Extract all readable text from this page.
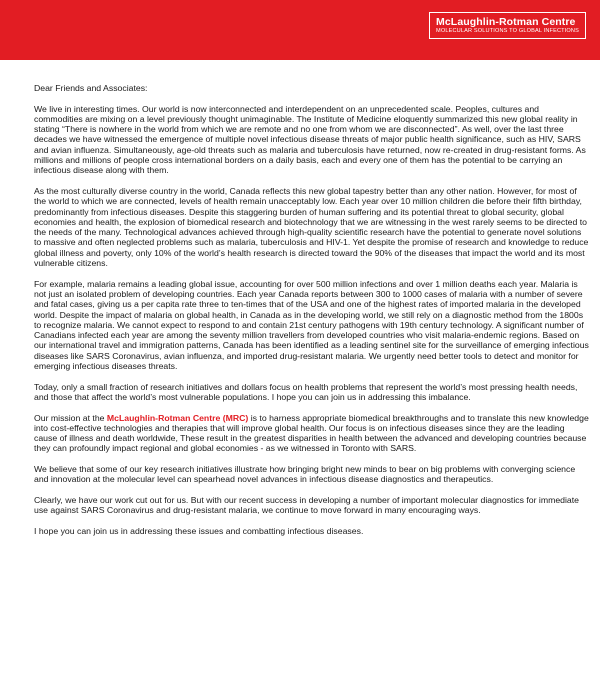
McLaughlin-Rotman Centre
MOLECULAR SOLUTIONS TO GLOBAL INFECTIONS

Dear Friends and Associates:

We live in interesting times. Our world is now interconnected and interdependent on an unprecedented scale. Peoples, cultures and commodities are mixing on a level previously thought unimaginable. The Institute of Medicine eloquently summarized this new global reality in stating “There is nowhere in the world from which we are remote and no one from whom we are disconnected”. As well, over the last three decades we have witnessed the emergence of multiple novel infectious disease threats of major public health significance, such as HIV, SARS and avian influenza. Simultaneously, age-old threats such as malaria and tuberculosis have returned, now re-created in drug-resistant forms. As millions and millions of people cross international borders on a daily basis, each and every one of them has the potential to be carrying an infectious disease along with them.

As the most culturally diverse country in the world, Canada reflects this new global tapestry better than any other nation. However, for most of the world to which we are connected, levels of health remain unacceptably low. Each year over 10 million children die before their fifth birthday, predominantly from infectious diseases. Despite this staggering burden of human suffering and its potential threat to global security, global economies and health, the explosion of biomedical research and biotechnology that we are witnessing in the west rarely seems to be directed to the needs of the many. Technological advances achieved through high-quality scientific research have the potential to generate novel solutions to massive and often neglected problems such as malaria, tuberculosis and HIV-1. Yet despite the promise of research and knowledge to reduce global illness and poverty, only 10% of the world’s health research is directed toward the 90% of the diseases that impact the world and its most vulnerable citizens.

For example, malaria remains a leading global issue, accounting for over 500 million infections and over 1 million deaths each year. Malaria is not just an isolated problem of developing countries. Each year Canada reports between 300 to 1000 cases of malaria with a number of severe and fatal cases, giving us a per capita rate three to ten-times that of the USA and one of the highest rates of imported malaria in the developed world. Despite the impact of malaria on global health, in Canada as in the developing world, we still rely on a diagnostic method from the 1800s to recognize malaria. We cannot expect to respond to and contain 21st century pathogens with 19th century technology. A significant number of Canadians infected each year are among the seventy million travellers from developed countries who visit malaria-endemic regions. Based on our international travel and immigration patterns, Canada has been identified as a leading sentinel site for the surveillance of emerging infectious diseases like SARS Coronavirus, avian influenza, and imported drug-resistant malaria. We urgently need better tools to detect and monitor for emerging infectious diseases threats.

Today, only a small fraction of research initiatives and dollars focus on health problems that represent the world’s most pressing health needs, and those that affect the world’s most vulnerable populations. I hope you can join us in addressing this imbalance.

Our mission at the McLaughlin-Rotman Centre (MRC) is to harness appropriate biomedical breakthroughs and to translate this new knowledge into cost-effective technologies and therapies that will improve global health. Our focus is on infectious diseases since they are the leading cause of illness and death worldwide, These result in the greatest disparities in health between the advanced and developing countries because they can profoundly impact regional and global economies - as we witnessed in Toronto with SARS.

We believe that some of our key research initiatives illustrate how bringing bright new minds to bear on big problems with converging science and innovation at the molecular level can spearhead novel advances in infectious disease diagnostics and therapeutics.

Clearly, we have our work cut out for us. But with our recent success in developing a number of important molecular diagnostics for immediate use against SARS Coronavirus and drug-resistant malaria, we continue to move forward in many encouraging ways.

I hope you can join us in addressing these issues and combatting infectious diseases.
